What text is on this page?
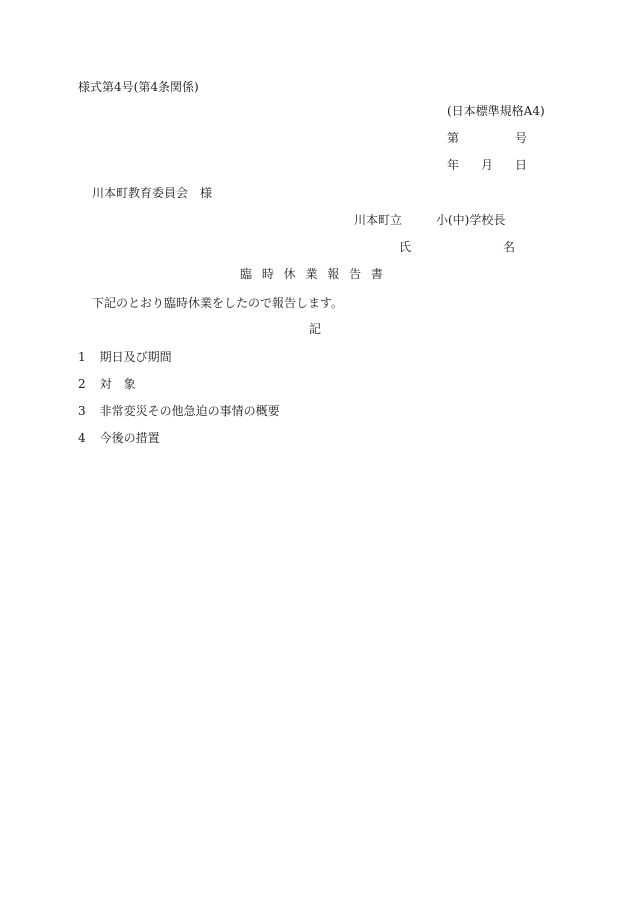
様式第4号(第4条関係)
(日本標準規格A4)
第	号
年 月 日
川本町教育委員会　様
川本町立	小(中)学校長
氏	名
臨 時 休 業 報 告 書
下記のとおり臨時休業をしたので報告します。
記
1 期日及び期間
2 対　象
3 非常変災その他急迫の事情の概要
4 今後の措置
